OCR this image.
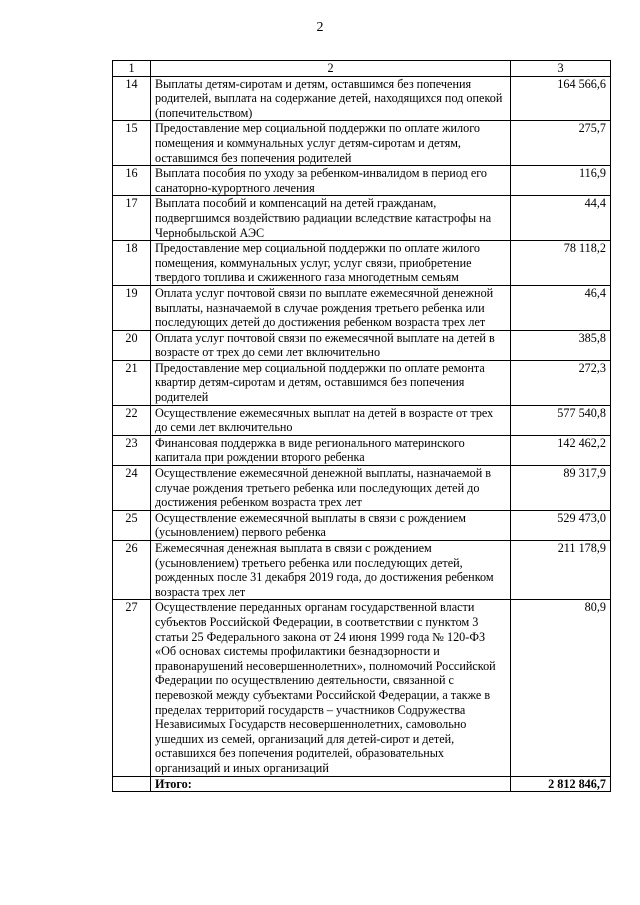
2
1	2	3
14	Выплаты детям-сиротам и детям, оставшимся без попечения родителей, выплата на содержание детей, находящихся под опекой (попечительством)	164 566,6
15	Предоставление мер социальной поддержки по оплате жилого помещения и коммунальных услуг детям-сиротам и детям, оставшимся без попечения родителей	275,7
16	Выплата пособия по уходу за ребенком-инвалидом в период его санаторно-курортного лечения	116,9
17	Выплата пособий и компенсаций на детей гражданам, подвергшимся воздействию радиации вследствие катастрофы на Чернобыльской АЭС	44,4
18	Предоставление мер социальной поддержки по оплате жилого помещения, коммунальных услуг, услуг связи, приобретение твердого топлива и сжиженного газа многодетным семьям	78 118,2
19	Оплата услуг почтовой связи по выплате ежемесячной денежной выплаты, назначаемой в случае рождения третьего ребенка или последующих детей до достижения ребенком возраста трех лет	46,4
20	Оплата услуг почтовой связи по ежемесячной выплате на детей в возрасте от трех до семи лет включительно	385,8
21	Предоставление мер социальной поддержки по оплате ремонта квартир детям-сиротам и детям, оставшимся без попечения родителей	272,3
22	Осуществление ежемесячных выплат на детей в возрасте от трех до семи лет включительно	577 540,8
23	Финансовая поддержка в виде регионального материнского капитала при рождении второго ребенка	142 462,2
24	Осуществление ежемесячной денежной выплаты, назначаемой в случае рождения третьего ребенка или последующих детей до достижения ребенком возраста трех лет	89 317,9
25	Осуществление ежемесячной выплаты в связи с рождением (усыновлением) первого ребенка	529 473,0
26	Ежемесячная денежная выплата в связи с рождением (усыновлением) третьего ребенка или последующих детей, рожденных после 31 декабря 2019 года, до достижения ребенком возраста трех лет	211 178,9
27	Осуществление переданных органам государственной власти субъектов Российской Федерации, в соответствии с пунктом 3 статьи 25 Федерального закона от 24 июня 1999 года № 120-ФЗ «Об основах системы профилактики безнадзорности и правонарушений несовершеннолетних», полномочий Российской Федерации по осуществлению деятельности, связанной с перевозкой между субъектами Российской Федерации, а также в пределах территорий государств – участников Содружества Независимых Государств несовершеннолетних, самовольно ушедших из семей, организаций для детей-сирот и детей, оставшихся без попечения родителей, образовательных организаций и иных организаций	80,9
	Итого:	2 812 846,7
